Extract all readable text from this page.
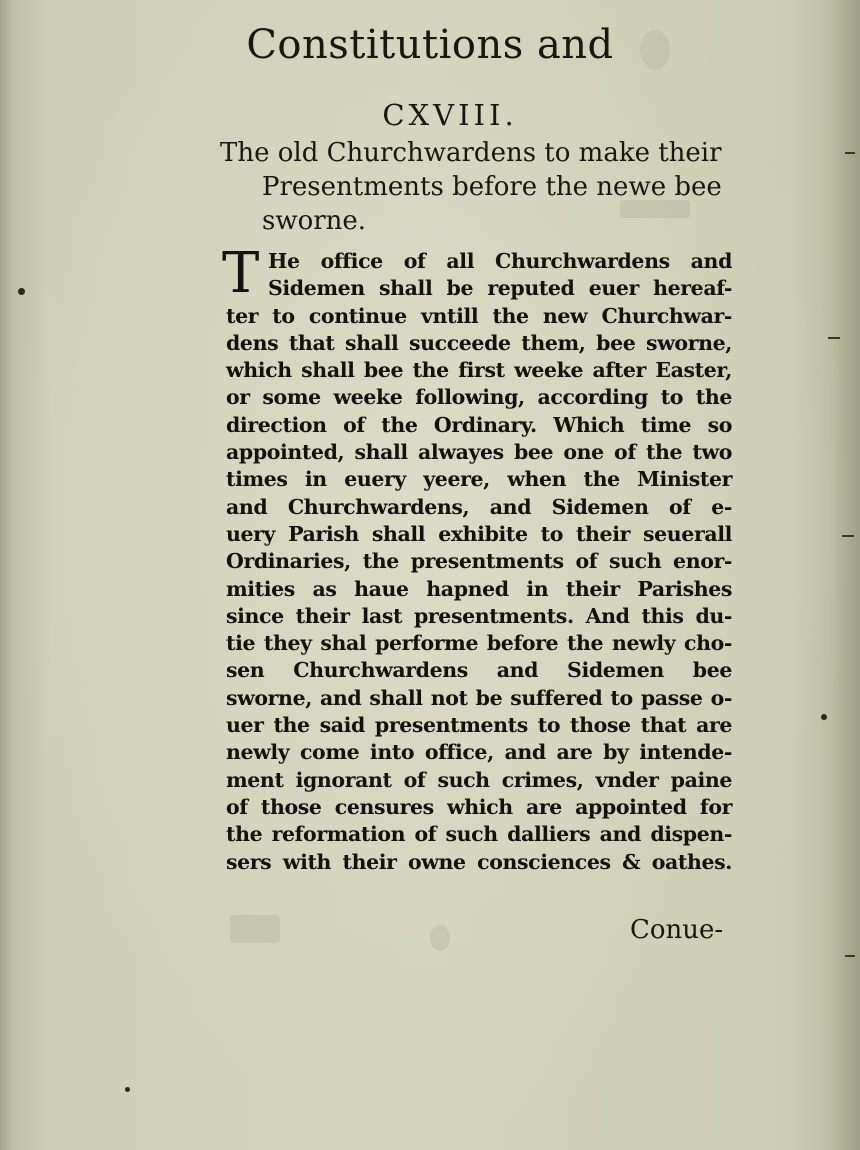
Constitutions and
CXVIII.
The old Churchwardens to make their
Presentments before the newe bee
sworne.
T He office of all Churchwardens and
Sidemen shall be reputed euer hereaf-
ter to continue vntill the new Churchwar-
dens that shall succeede them, bee sworne,
which shall bee the first weeke after Easter,
or some weeke following, according to the
direction of the Ordinary. Which time so
appointed, shall alwayes bee one of the two
times in euery yeere, when the Minister
and Churchwardens, and Sidemen of e-
uery Parish shall exhibite to their seuerall
Ordinaries, the presentments of such enor-
mities as haue hapned in their Parishes
since their last presentments. And this du-
tie they shal performe before the newly cho-
sen Churchwardens and Sidemen bee
sworne, and shall not be suffered to passe o-
uer the said presentments to those that are
newly come into office, and are by intende-
ment ignorant of such crimes, vnder paine
of those censures which are appointed for
the reformation of such dalliers and dispen-
sers with their owne consciences & oathes.
Conue-
